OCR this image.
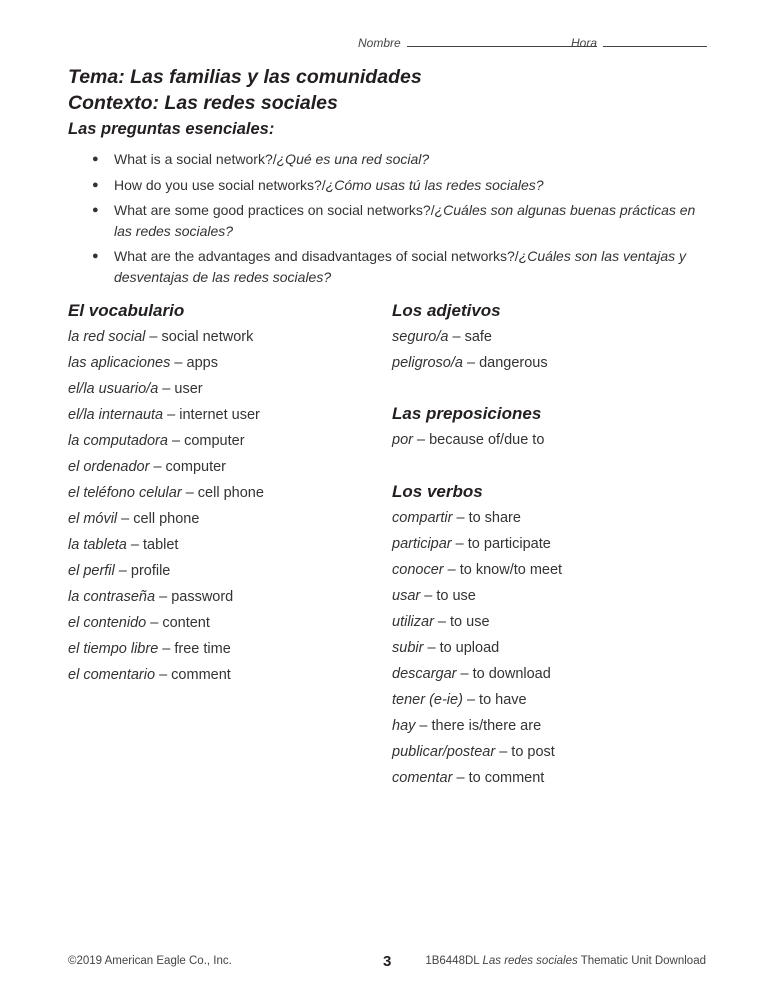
Nombre	Hora
Tema: Las familias y las comunidades
Contexto: Las redes sociales
Las preguntas esenciales:
● What is a social network?/¿Qué es una red social?
● How do you use social networks?/¿Cómo usas tú las redes sociales?
● What are some good practices on social networks?/¿Cuáles son algunas buenas prácticas en las redes sociales?
● What are the advantages and disadvantages of social networks?/¿Cuáles son las ventajas y desventajas de las redes sociales?
El vocabulario
la red social – social network
las aplicaciones – apps
el/la usuario/a – user
el/la internauta – internet user
la computadora – computer
el ordenador – computer
el teléfono celular – cell phone
el móvil – cell phone
la tableta – tablet
el perfil – profile
la contraseña – password
el contenido – content
el tiempo libre – free time
el comentario – comment
Los adjetivos
seguro/a – safe
peligroso/a – dangerous
Las preposiciones
por – because of/due to
Los verbos
compartir – to share
participar – to participate
conocer – to know/to meet
usar – to use
utilizar – to use
subir – to upload
descargar – to download
tener (e-ie) – to have
hay – there is/there are
publicar/postear – to post
comentar – to comment
©2019 American Eagle Co., Inc.	3	1B6448DL Las redes sociales Thematic Unit Download
